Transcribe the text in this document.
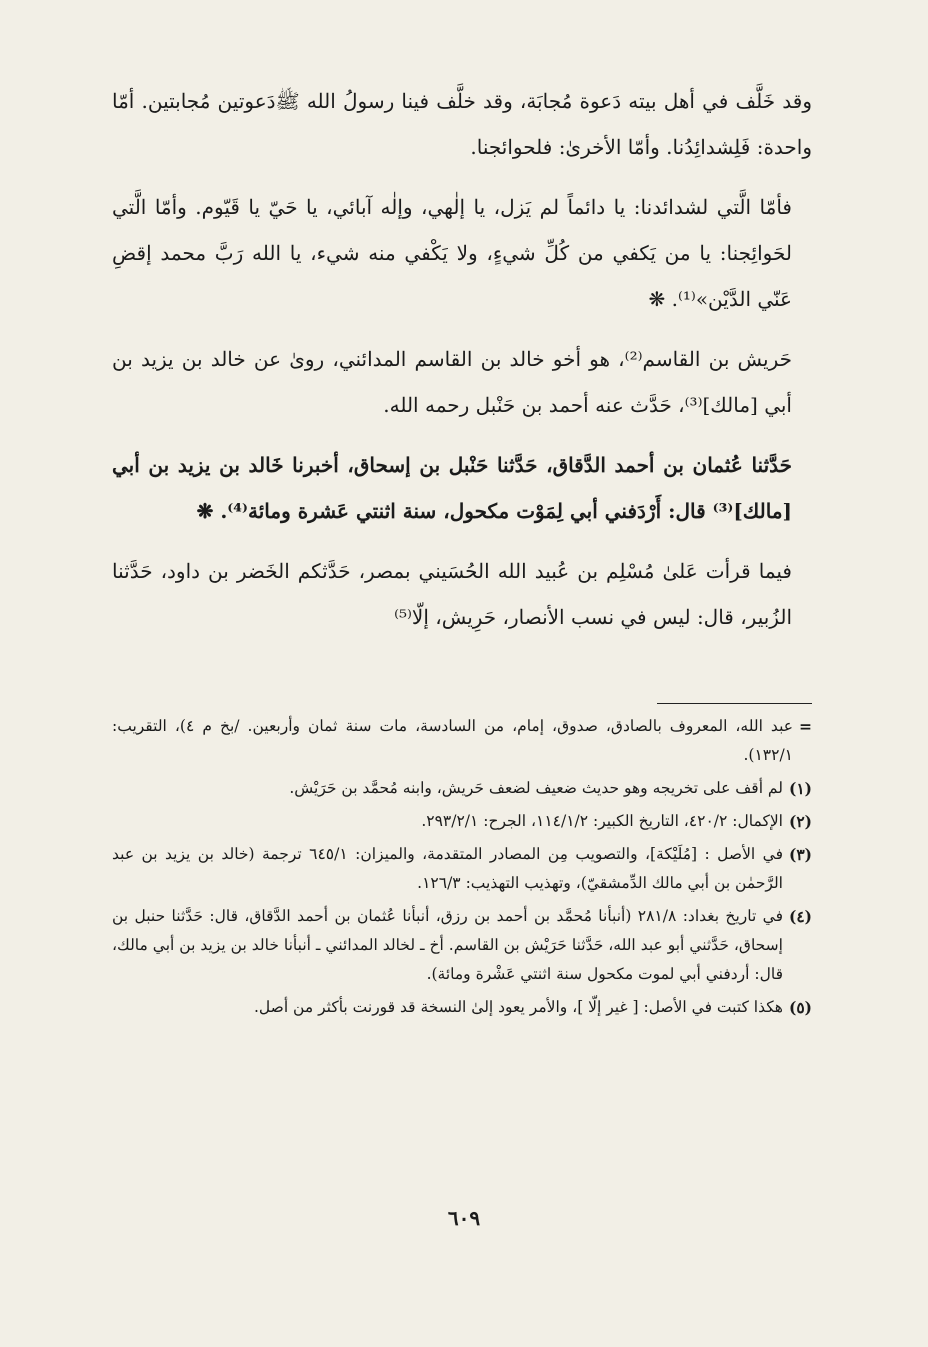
وقد خَلَّف في أهل بيته دَعوة مُجابَة، وقد خلَّف فينا رسولُ الله ﷺدَعوتين مُجابتين. أمّا واحدة: فَلِشدائِدُنا. وأمّا الأخرىٰ: فلحوائجنا.

فأمّا الَّتي لشدائدنا: يا دائماً لم يَزل، يا إلٰهي، وإلٰه آبائي، يا حَيّ يا قَيّوم. وأمّا الَّتي لحَوائِجنا: يا من يَكفي من كُلِّ شيءٍ، ولا يَكْفي منه شيء، يا الله رَبَّ محمد إقضِ عَنّي الدَّيْن»⁽¹⁾. ❋

حَريش بن القاسم⁽²⁾، هو أخو خالد بن القاسم المدائني، روىٰ عن خالد بن يزيد بن أبي [مالك]⁽³⁾، حَدَّث عنه أحمد بن حَنْبل رحمه الله.

حَدَّثنا عُثمان بن أحمد الدَّقاق، حَدَّثنا حَنْبل بن إسحاق، أخبرنا خَالد بن يزيد بن أبي [مالك]⁽³⁾ قال: أَرْدَفني أبي لِمَوْت مكحول، سنة اثنتي عَشرة ومائة⁽⁴⁾. ❋

فيما قرأت عَلىٰ مُسْلِم بن عُبيد الله الحُسَيني بمصر، حَدَّثكم الخَضر بن داود، حَدَّثنا الزُبير، قال: ليس في نسب الأنصار، حَرِيش، إلّا⁽⁵⁾

=
عبد الله، المعروف بالصادق، صدوق، إمام، من السادسة، مات سنة ثمان وأربعين. /بخ م ٤)، التقريب: ١٣٢/١).
(١)
لم أقف على تخريجه وهو حديث ضعيف لضعف حَريش، وابنه مُحمَّد بن حَرَيْش.
(٢)
الإكمال: ٤٢٠/٢، التاريخ الكبير: ١١٤/١/٢، الجرح: ٢٩٣/٢/١.
(٣)
في الأصل : [مُلَيْكة]، والتصويب مِن المصادر المتقدمة، والميزان: ٦٤٥/١ ترجمة (خالد بن يزيد بن عبد الرَّحمٰن بن أبي مالك الدِّمشقيّ)، وتهذيب التهذيب: ١٢٦/٣.
(٤)
في تاريخ بغداد: ٢٨١/٨ (أنبأنا مُحمَّد بن أحمد بن رزق، أنبأنا عُثمان بن أحمد الدَّقاق، قال: حَدَّثنا حنبل بن إسحاق، حَدَّثني أبو عبد الله، حَدَّثنا حَرَيْش بن القاسم. أخ ـ لخالد المدائني ـ أنبأنا خالد بن يزيد بن أبي مالك، قال: أردفني أبي لموت مكحول سنة اثنتي عَشْرة ومائة).
(٥)
هكذا كتبت في الأصل: [ غير إلّا ]، والأمر يعود إلىٰ النسخة قد قورنت بأكثر من أصل.
٦٠٩
